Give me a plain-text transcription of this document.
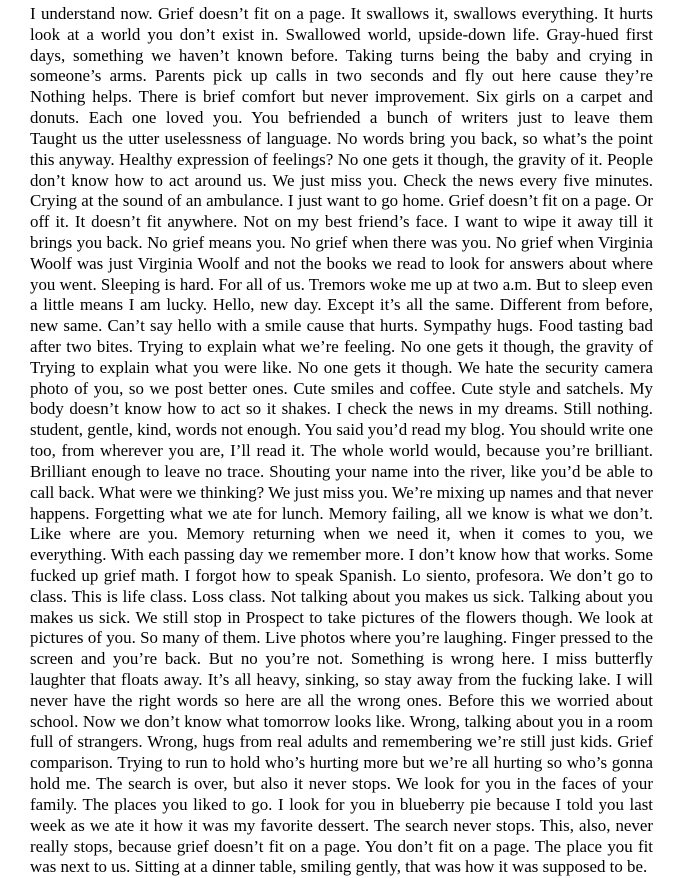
I understand now. Grief doesn’t fit on a page. It swallows it, swallows everything. It hurts
look at a world you don’t exist in. Swallowed world, upside-down life. Gray-hued first
days, something we haven’t known before. Taking turns being the baby and crying in
someone’s arms. Parents pick up calls in two seconds and fly out here cause they’re
Nothing helps. There is brief comfort but never improvement. Six girls on a carpet and
donuts. Each one loved you. You befriended a bunch of writers just to leave them
Taught us the utter uselessness of language. No words bring you back, so what’s the point
this anyway. Healthy expression of feelings? No one gets it though, the gravity of it. People
don’t know how to act around us. We just miss you. Check the news every five minutes.
Crying at the sound of an ambulance. I just want to go home. Grief doesn’t fit on a page. Or
off it. It doesn’t fit anywhere. Not on my best friend’s face. I want to wipe it away till it
brings you back. No grief means you. No grief when there was you. No grief when Virginia
Woolf was just Virginia Woolf and not the books we read to look for answers about where
you went. Sleeping is hard. For all of us. Tremors woke me up at two a.m. But to sleep even
a little means I am lucky. Hello, new day. Except it’s all the same. Different from before,
new same. Can’t say hello with a smile cause that hurts. Sympathy hugs. Food tasting bad
after two bites. Trying to explain what we’re feeling. No one gets it though, the gravity of
Trying to explain what you were like. No one gets it though. We hate the security camera
photo of you, so we post better ones. Cute smiles and coffee. Cute style and satchels. My
body doesn’t know how to act so it shakes. I check the news in my dreams. Still nothing.
student, gentle, kind, words not enough. You said you’d read my blog. You should write one
too, from wherever you are, I’ll read it. The whole world would, because you’re brilliant.
Brilliant enough to leave no trace. Shouting your name into the river, like you’d be able to
call back. What were we thinking? We just miss you. We’re mixing up names and that never
happens. Forgetting what we ate for lunch. Memory failing, all we know is what we don’t.
Like where are you. Memory returning when we need it, when it comes to you, we
everything. With each passing day we remember more. I don’t know how that works. Some
fucked up grief math. I forgot how to speak Spanish. Lo siento, profesora. We don’t go to
class. This is life class. Loss class. Not talking about you makes us sick. Talking about you
makes us sick. We still stop in Prospect to take pictures of the flowers though. We look at
pictures of you. So many of them. Live photos where you’re laughing. Finger pressed to the
screen and you’re back. But no you’re not. Something is wrong here. I miss butterfly
laughter that floats away. It’s all heavy, sinking, so stay away from the fucking lake. I will
never have the right words so here are all the wrong ones. Before this we worried about
school. Now we don’t know what tomorrow looks like. Wrong, talking about you in a room
full of strangers. Wrong, hugs from real adults and remembering we’re still just kids. Grief
comparison. Trying to run to hold who’s hurting more but we’re all hurting so who’s gonna
hold me. The search is over, but also it never stops. We look for you in the faces of your
family. The places you liked to go. I look for you in blueberry pie because I told you last
week as we ate it how it was my favorite dessert. The search never stops. This, also, never
really stops, because grief doesn’t fit on a page. You don’t fit on a page. The place you fit
was next to us. Sitting at a dinner table, smiling gently, that was how it was supposed to be.
